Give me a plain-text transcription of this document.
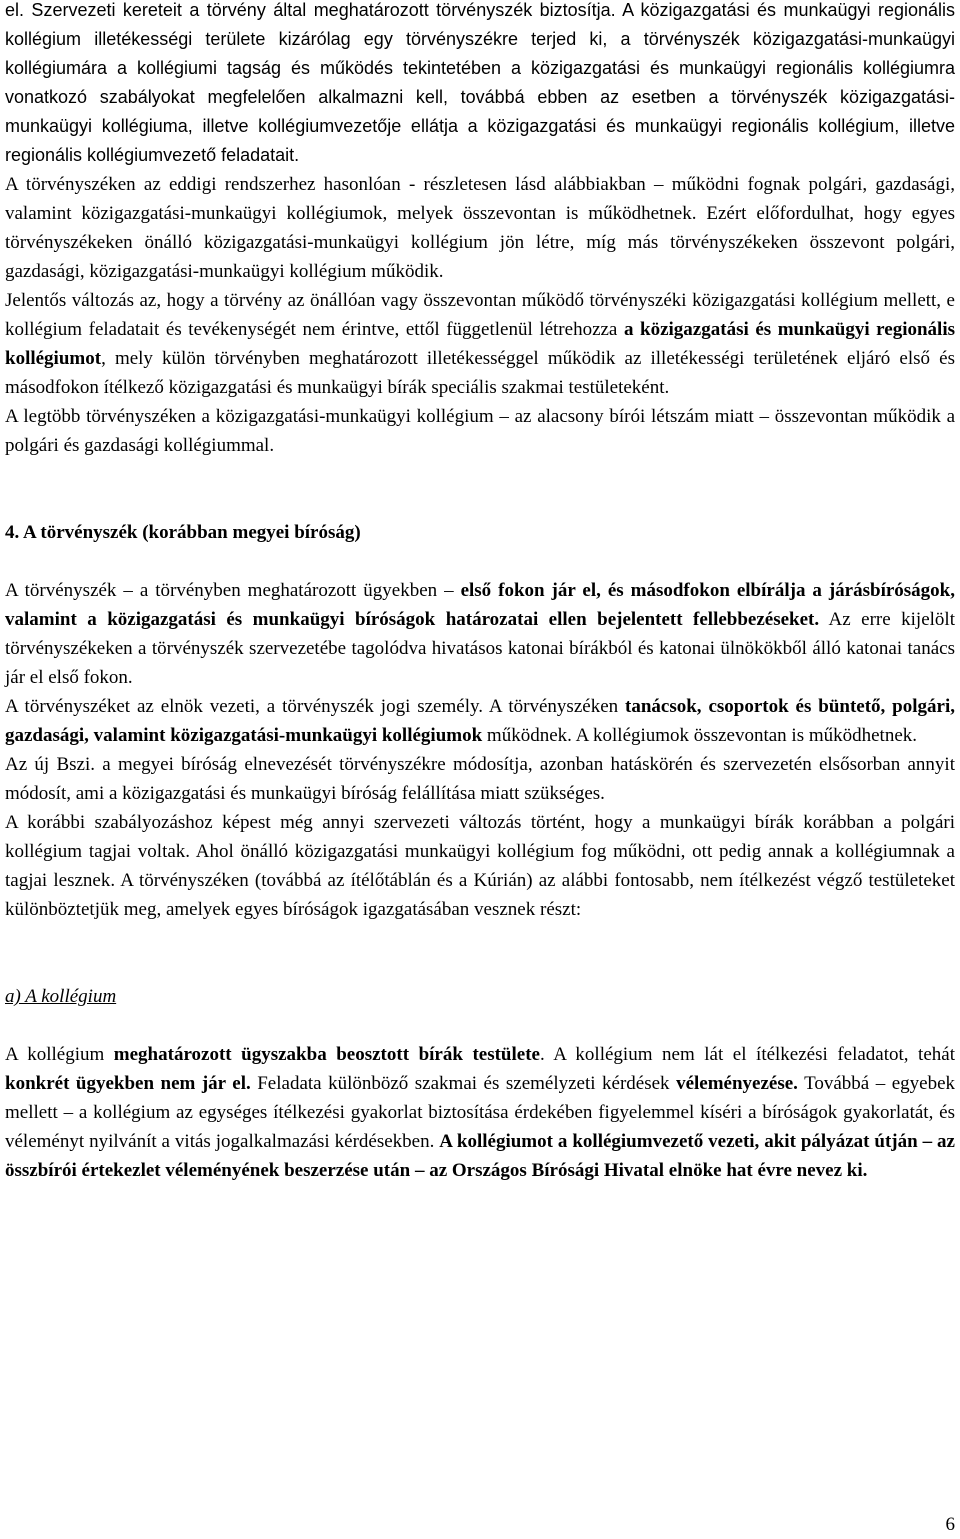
el. Szervezeti kereteit a törvény által meghatározott törvényszék biztosítja. A közigazgatási és munkaügyi regionális kollégium illetékességi területe kizárólag egy törvényszékre terjed ki, a törvényszék közigazgatási-munkaügyi kollégiumára a kollégiumi tagság és működés tekintetében a közigazgatási és munkaügyi regionális kollégiumra vonatkozó szabályokat megfelelően alkalmazni kell, továbbá ebben az esetben a törvényszék közigazgatási-munkaügyi kollégiuma, illetve kollégiumvezetője ellátja a közigazgatási és munkaügyi regionális kollégium, illetve regionális kollégiumvezető feladatait.

A törvényszéken az eddigi rendszerhez hasonlóan - részletesen lásd alábbiakban – működni fognak polgári, gazdasági, valamint közigazgatási-munkaügyi kollégiumok, melyek összevontan is működhetnek. Ezért előfordulhat, hogy egyes törvényszékeken önálló közigazgatási-munkaügyi kollégium jön létre, míg más törvényszékeken összevont polgári, gazdasági, közigazgatási-munkaügyi kollégium működik.

Jelentős változás az, hogy a törvény az önállóan vagy összevontan működő törvényszéki közigazgatási kollégium mellett, e kollégium feladatait és tevékenységét nem érintve, ettől függetlenül létrehozza a közigazgatási és munkaügyi regionális kollégiumot, mely külön törvényben meghatározott illetékességgel működik az illetékességi területének eljáró első és másodfokon ítélkező közigazgatási és munkaügyi bírák speciális szakmai testületeként.

A legtöbb törvényszéken a közigazgatási-munkaügyi kollégium – az alacsony bírói létszám miatt – összevontan működik a polgári és gazdasági kollégiummal.

4. A törvényszék (korábban megyei bíróság)

A törvényszék – a törvényben meghatározott ügyekben – első fokon jár el, és másodfokon elbírálja a járásbíróságok, valamint a közigazgatási és munkaügyi bíróságok határozatai ellen bejelentett fellebbezéseket. Az erre kijelölt törvényszékeken a törvényszék szervezetébe tagolódva hivatásos katonai bírákból és katonai ülnökökből álló katonai tanács jár el első fokon.

A törvényszéket az elnök vezeti, a törvényszék jogi személy. A törvényszéken tanácsok, csoportok és büntető, polgári, gazdasági, valamint közigazgatási-munkaügyi kollégiumok működnek. A kollégiumok összevontan is működhetnek.

Az új Bszi. a megyei bíróság elnevezését törvényszékre módosítja, azonban hatáskörén és szervezetén elsősorban annyit módosít, ami a közigazgatási és munkaügyi bíróság felállítása miatt szükséges.

A korábbi szabályozáshoz képest még annyi szervezeti változás történt, hogy a munkaügyi bírák korábban a polgári kollégium tagjai voltak. Ahol önálló közigazgatási munkaügyi kollégium fog működni, ott pedig annak a kollégiumnak a tagjai lesznek. A törvényszéken (továbbá az ítélőtáblán és a Kúrián) az alábbi fontosabb, nem ítélkezést végző testületeket különböztetjük meg, amelyek egyes bíróságok igazgatásában vesznek részt:

a) A kollégium

A kollégium meghatározott ügyszakba beosztott bírák testülete. A kollégium nem lát el ítélkezési feladatot, tehát konkrét ügyekben nem jár el. Feladata különböző szakmai és személyzeti kérdések véleményezése. Továbbá – egyebek mellett – a kollégium az egységes ítélkezési gyakorlat biztosítása érdekében figyelemmel kíséri a bíróságok gyakorlatát, és véleményt nyilvánít a vitás jogalkalmazási kérdésekben. A kollégiumot a kollégiumvezető vezeti, akit pályázat útján – az összbírói értekezlet véleményének beszerzése után – az Országos Bírósági Hivatal elnöke hat évre nevez ki.

6
